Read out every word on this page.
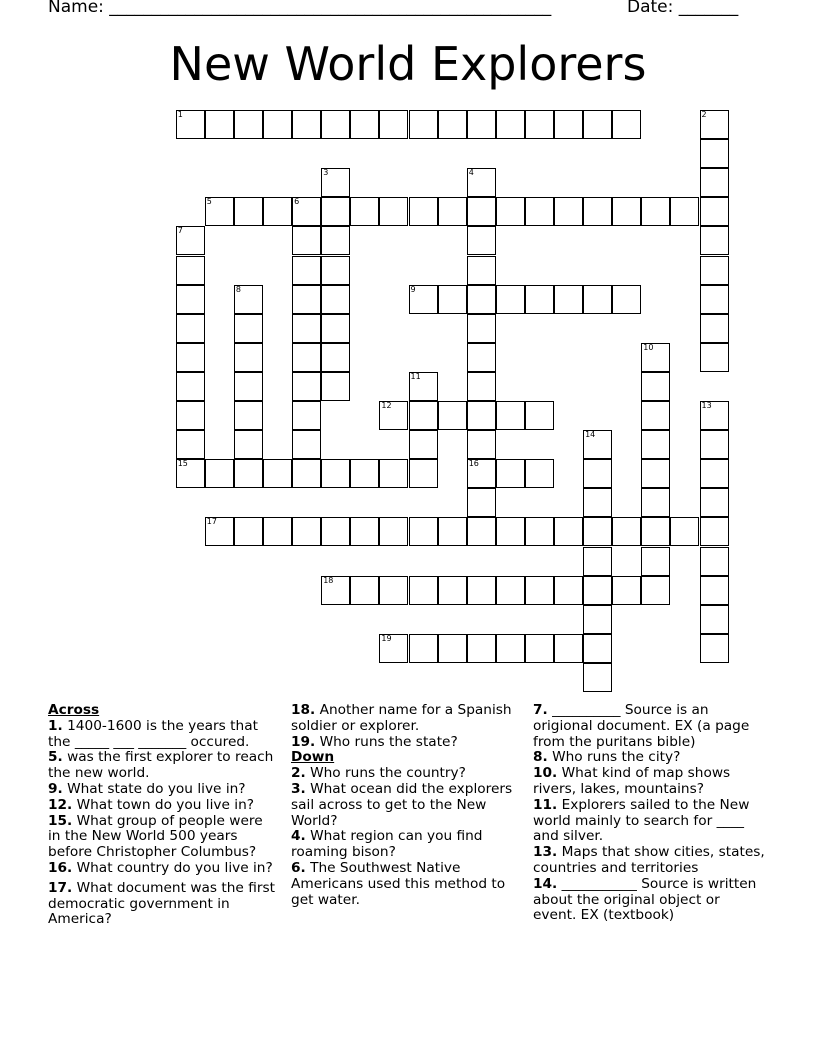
Name: ____________________________________________________	Date: _______
New World Explorers
1	2
3	4
16
5	6
7
8	9
10
11
12	13
14
15
17
18
19
Across
1. 1400-1600 is the years that the _____ ___ _______ occured.
5. was the first explorer to reach the new world.
9. What state do you live in?
12. What town do you live in?
15. What group of people were in the New World 500 years before Christopher Columbus?
16. What country do you live in?
17. What document was the first democratic government in America?
18. Another name for a Spanish soldier or explorer.
19. Who runs the state?
Down
2. Who runs the country?
3. What ocean did the explorers sail across to get to the New World?
4. What region can you find roaming bison?
6. The Southwest Native Americans used this method to get water.
7. __________ Source is an origional document. EX (a page from the puritans bible)
8. Who runs the city?
10. What kind of map shows rivers, lakes, mountains?
11. Explorers sailed to the New world mainly to search for ____ and silver.
13. Maps that show cities, states, countries and territories
14. ___________ Source is written about the original object or event. EX (textbook)
